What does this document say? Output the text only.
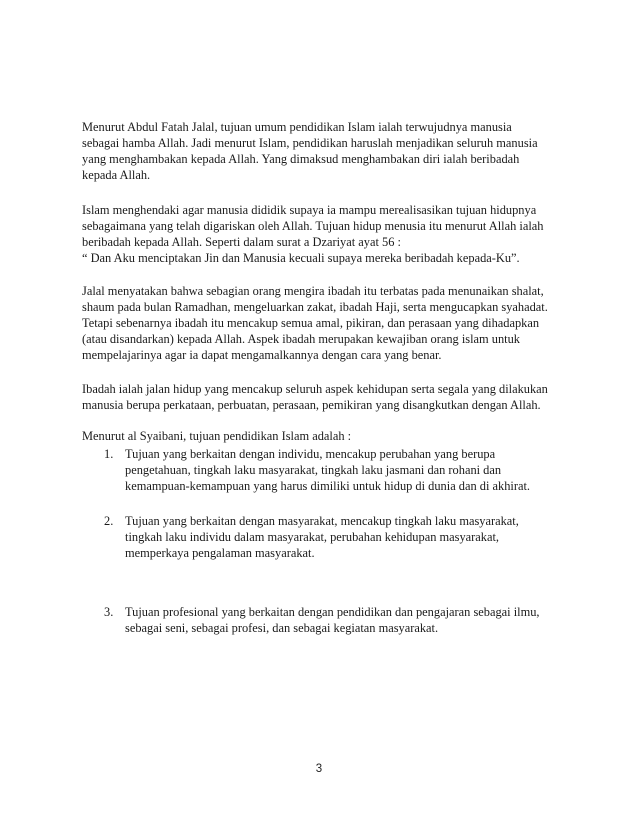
Menurut Abdul Fatah Jalal, tujuan umum pendidikan Islam ialah terwujudnya manusia sebagai hamba Allah. Jadi menurut Islam, pendidikan haruslah menjadikan seluruh manusia yang menghambakan kepada Allah. Yang dimaksud menghambakan diri ialah beribadah kepada Allah.

Islam menghendaki agar manusia dididik supaya ia mampu merealisasikan tujuan hidupnya sebagaimana yang telah digariskan oleh Allah. Tujuan hidup menusia itu menurut Allah ialah beribadah kepada Allah. Seperti dalam surat a Dzariyat ayat 56 :

“ Dan Aku menciptakan Jin dan Manusia kecuali supaya mereka beribadah kepada-Ku”.

Jalal menyatakan bahwa sebagian orang mengira ibadah itu terbatas pada menunaikan shalat, shaum pada bulan Ramadhan, mengeluarkan zakat, ibadah Haji, serta mengucapkan syahadat. Tetapi sebenarnya ibadah itu mencakup semua amal, pikiran, dan perasaan yang dihadapkan (atau disandarkan) kepada Allah. Aspek ibadah merupakan kewajiban orang islam untuk mempelajarinya agar ia dapat mengamalkannya dengan cara yang benar.

Ibadah ialah jalan hidup yang mencakup seluruh aspek kehidupan serta segala yang dilakukan manusia berupa perkataan, perbuatan, perasaan, pemikiran yang disangkutkan dengan Allah.

Menurut al Syaibani, tujuan pendidikan Islam adalah :

1. Tujuan yang berkaitan dengan individu, mencakup perubahan yang berupa pengetahuan, tingkah laku masyarakat, tingkah laku jasmani dan rohani dan kemampuan-kemampuan yang harus dimiliki untuk hidup di dunia dan di akhirat.
2. Tujuan yang berkaitan dengan masyarakat, mencakup tingkah laku masyarakat, tingkah laku individu dalam masyarakat, perubahan kehidupan masyarakat, memperkaya pengalaman masyarakat.
3. Tujuan profesional yang berkaitan dengan pendidikan dan pengajaran sebagai ilmu, sebagai seni, sebagai profesi, dan sebagai kegiatan masyarakat.
3
